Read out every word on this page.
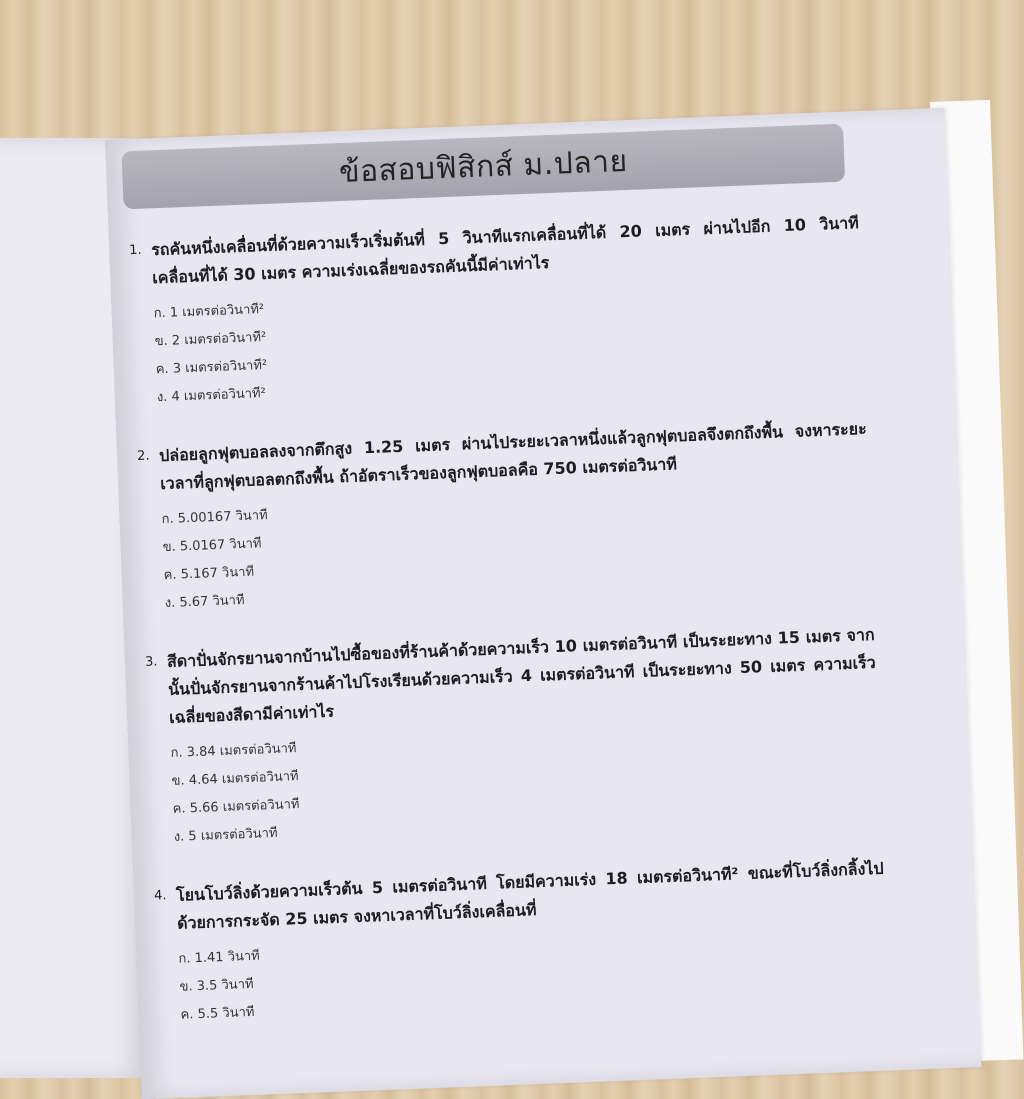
ข้อสอบฟิสิกส์ ม.ปลาย
1. รถคันหนึ่งเคลื่อนที่ด้วยความเร็วเริ่มต้นที่ 5 วินาทีแรกเคลื่อนที่ได้ 20 เมตร ผ่านไปอีก 10 วินาทีเคลื่อนที่ได้ 30 เมตร ความเร่งเฉลี่ยของรถคันนี้มีค่าเท่าไร
ก. 1 เมตรต่อวินาที²
ข. 2 เมตรต่อวินาที²
ค. 3 เมตรต่อวินาที²
ง. 4 เมตรต่อวินาที²
2. ปล่อยลูกฟุตบอลลงจากตึกสูง 1.25 เมตร ผ่านไประยะเวลาหนึ่งแล้วลูกฟุตบอลจึงตกถึงพื้น จงหาระยะเวลาที่ลูกฟุตบอลตกถึงพื้น ถ้าอัตราเร็วของลูกฟุตบอลคือ 750 เมตรต่อวินาที
ก. 5.00167 วินาที
ข. 5.0167 วินาที
ค. 5.167 วินาที
ง. 5.67 วินาที
3. สีดาปั่นจักรยานจากบ้านไปซื้อของที่ร้านค้าด้วยความเร็ว 10 เมตรต่อวินาที เป็นระยะทาง 15 เมตร จากนั้นปั่นจักรยานจากร้านค้าไปโรงเรียนด้วยความเร็ว 4 เมตรต่อวินาที เป็นระยะทาง 50 เมตร ความเร็วเฉลี่ยของสีดามีค่าเท่าไร
ก. 3.84 เมตรต่อวินาที
ข. 4.64 เมตรต่อวินาที
ค. 5.66 เมตรต่อวินาที
ง. 5 เมตรต่อวินาที
4. โยนโบว์ลิ่งด้วยความเร็วต้น 5 เมตรต่อวินาที โดยมีความเร่ง 18 เมตรต่อวินาที² ขณะที่โบว์ลิ่งกลิ้งไปด้วยการกระจัด 25 เมตร จงหาเวลาที่โบว์ลิ่งเคลื่อนที่
ก. 1.41 วินาที
ข. 3.5 วินาที
ค. 5.5 วินาที
